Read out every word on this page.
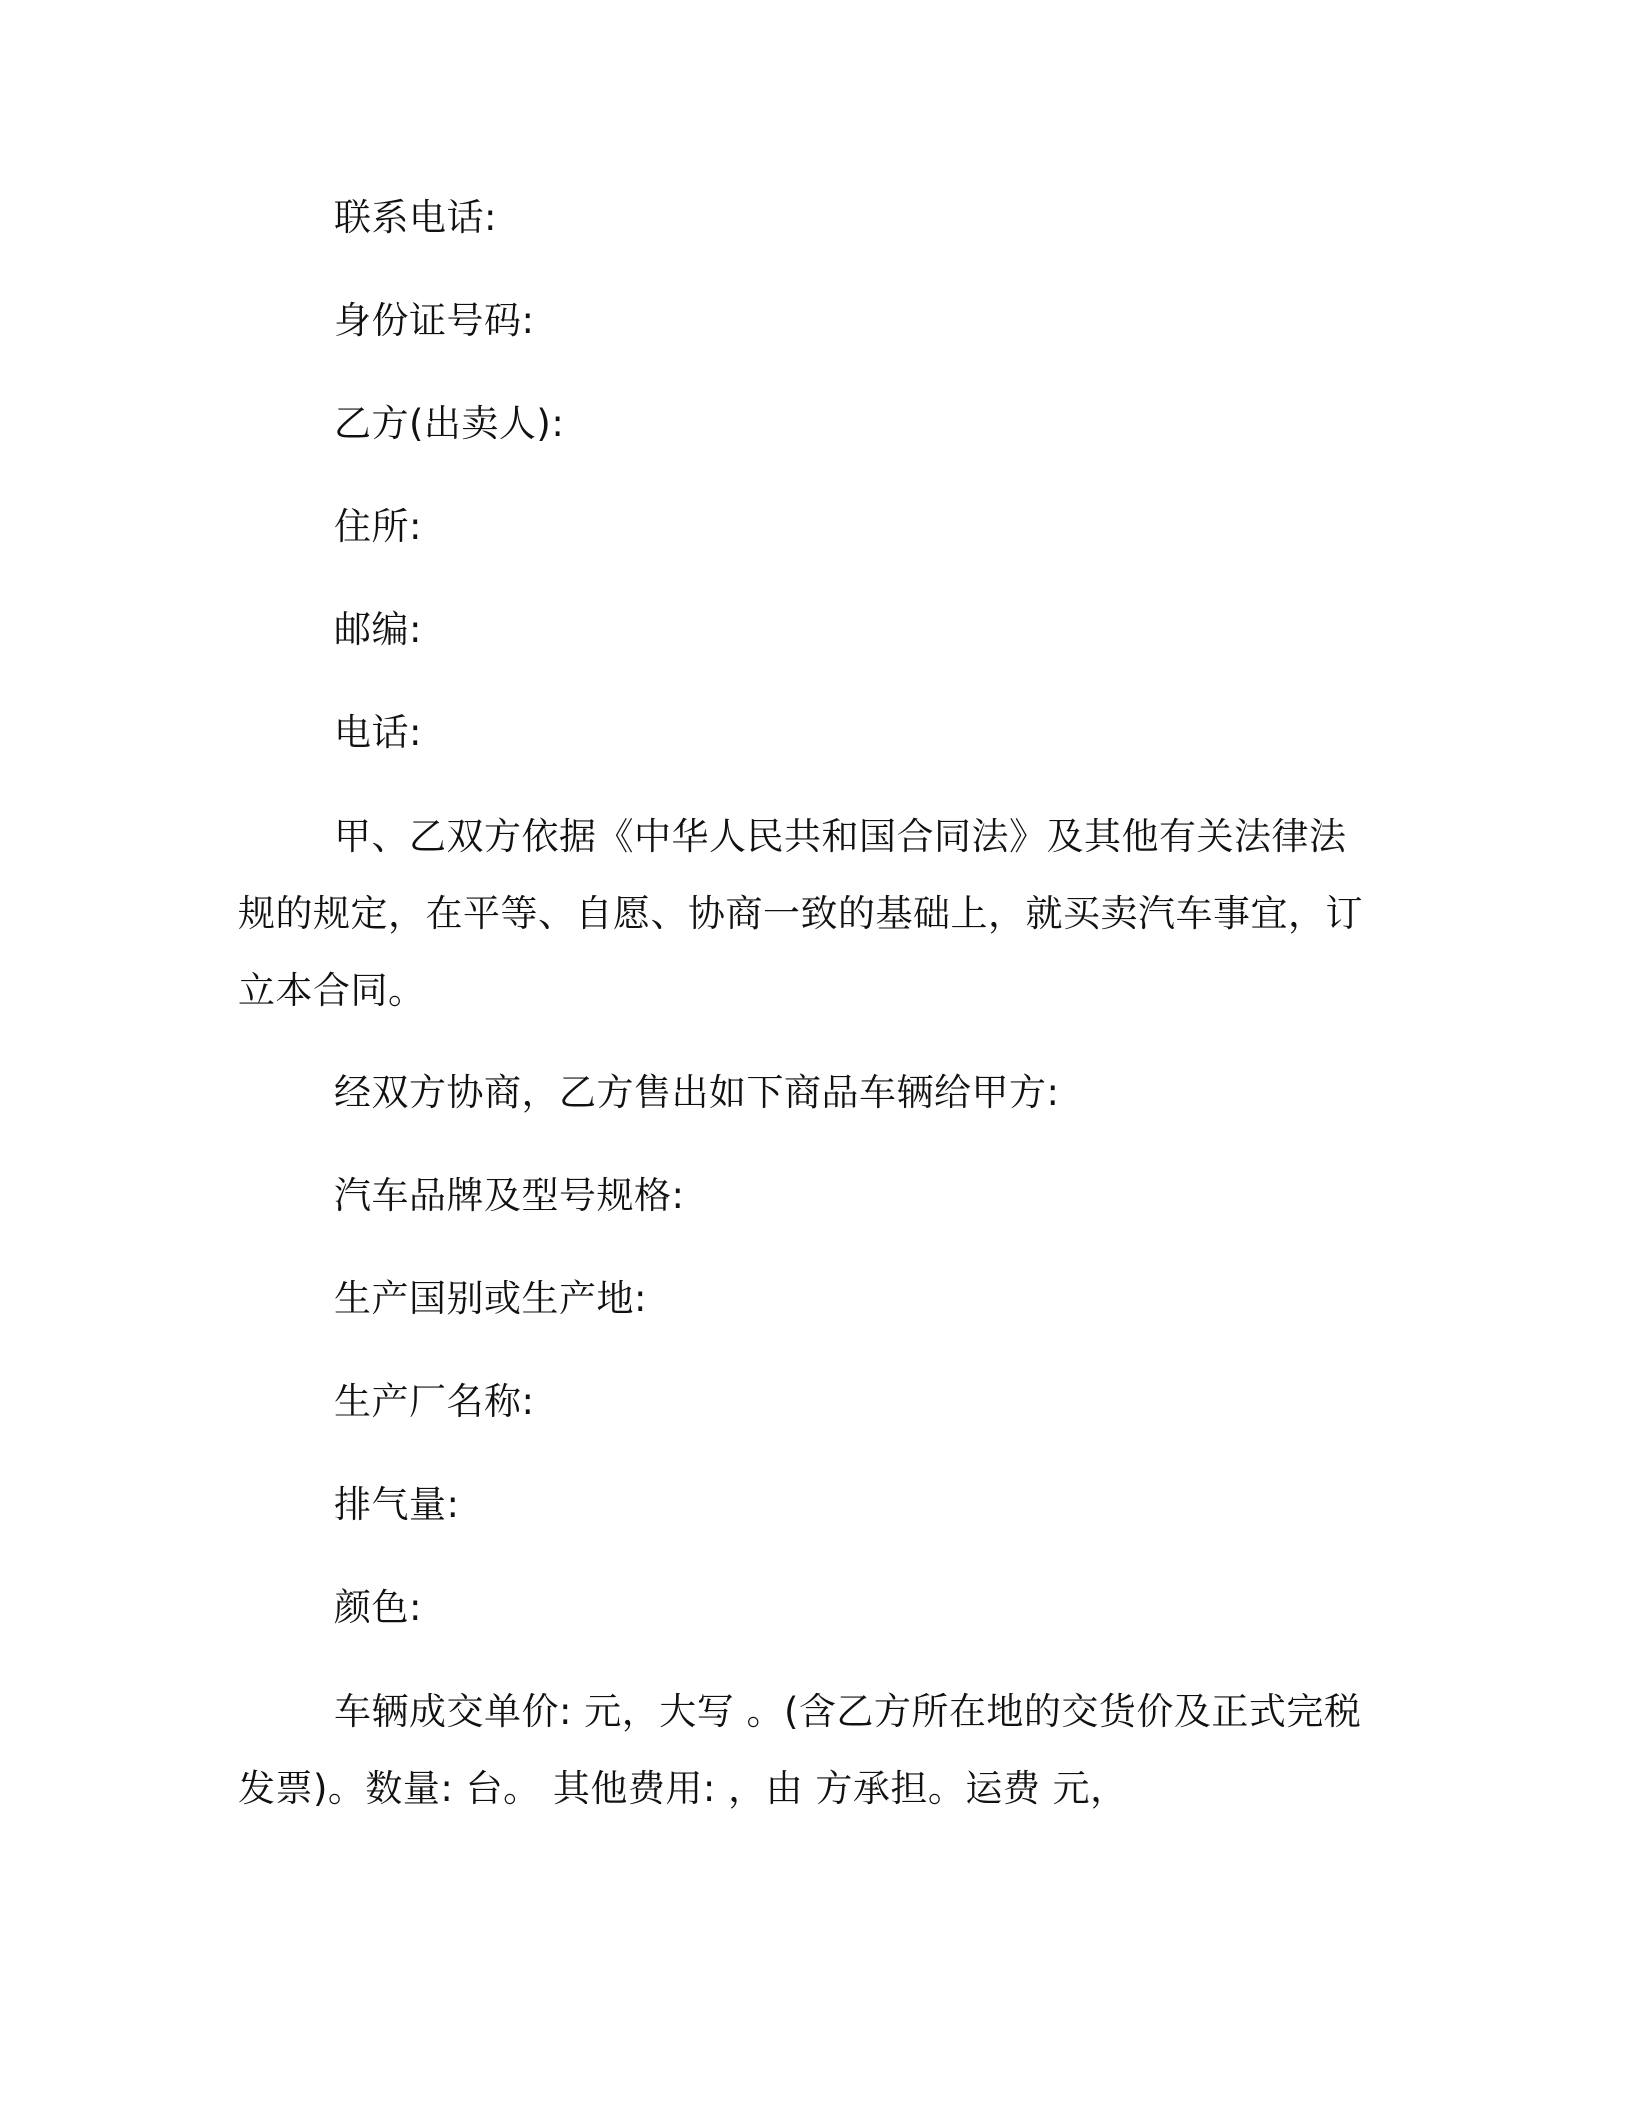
联系电话:
身份证号码:
乙方(出卖人):
住所:
邮编:
电话:

甲、乙双方依据《中华人民共和国合同法》及其他有关法律法规的规定，在平等、自愿、协商一致的基础上，就买卖汽车事宜，订立本合同。

经双方协商，乙方售出如下商品车辆给甲方:
汽车品牌及型号规格:
生产国别或生产地:
生产厂名称:
排气量:
颜色:

车辆成交单价: 元，大写 。(含乙方所在地的交货价及正式完税发票)。数量: 台。 其他费用: ，由 方承担。运费 元，
